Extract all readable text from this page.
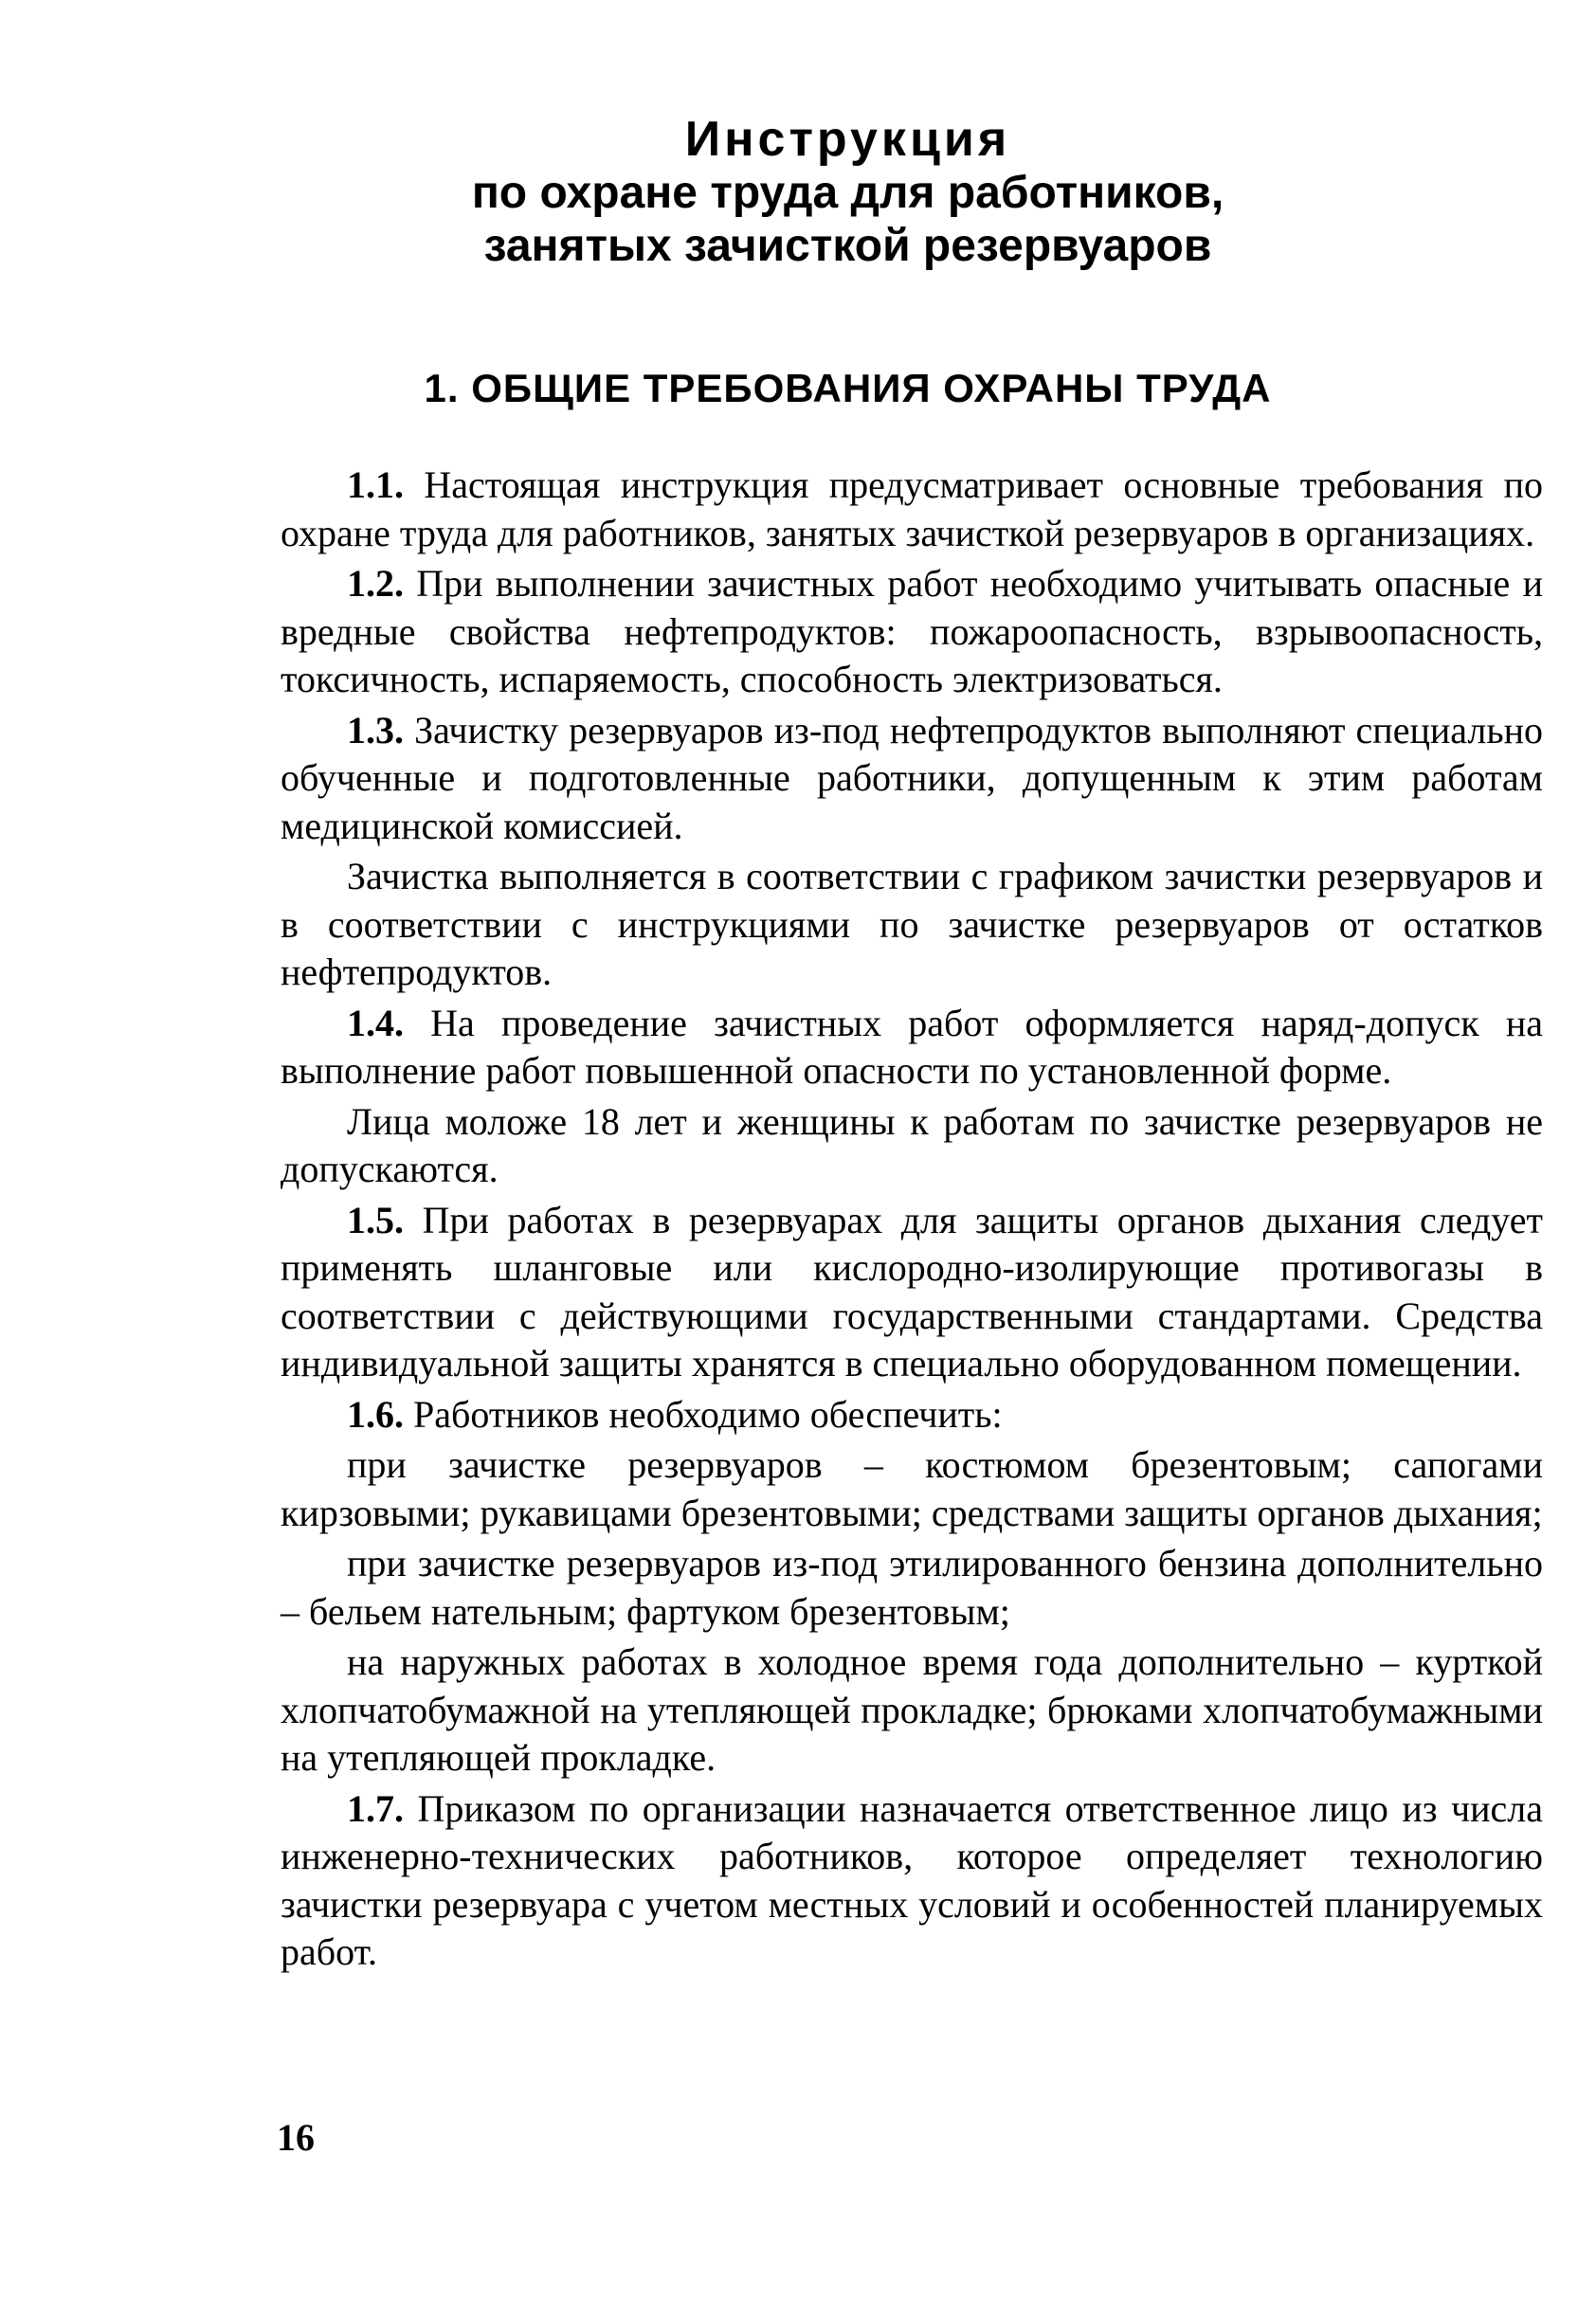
Инструкция
по охране труда для работников,
занятых зачисткой резервуаров
1. ОБЩИЕ ТРЕБОВАНИЯ ОХРАНЫ ТРУДА

1.1. Настоящая инструкция предусматривает основные требования по охране труда для работников, занятых зачисткой резервуаров в организациях.

1.2. При выполнении зачистных работ необходимо учитывать опасные и вредные свойства нефтепродуктов: пожароопасность, взрывоопасность, токсичность, испаряемость, способность электризоваться.

1.3. Зачистку резервуаров из-под нефтепродуктов выполняют специально обученные и подготовленные работники, допущенным к этим работам медицинской комиссией.

Зачистка выполняется в соответствии с графиком зачистки резервуаров и в соответствии с инструкциями по зачистке резервуаров от остатков нефтепродуктов.

1.4. На проведение зачистных работ оформляется наряд-допуск на выполнение работ повышенной опасности по установленной форме.

Лица моложе 18 лет и женщины к работам по зачистке резервуаров не допускаются.

1.5. При работах в резервуарах для защиты органов дыхания следует применять шланговые или кислородно-изолирующие противогазы в соответствии с действующими государственными стандартами. Средства индивидуальной защиты хранятся в специально оборудованном помещении.

1.6. Работников необходимо обеспечить:

при зачистке резервуаров – костюмом брезентовым; сапогами кирзовыми; рукавицами брезентовыми; средствами защиты органов дыхания;

при зачистке резервуаров из-под этилированного бензина дополнительно – бельем нательным; фартуком брезентовым;

на наружных работах в холодное время года дополнительно – курткой хлопчатобумажной на утепляющей прокладке; брюками хлопчатобумажными на утепляющей прокладке.

1.7. Приказом по организации назначается ответственное лицо из числа инженерно-технических работников, которое определяет технологию зачистки резервуара с учетом местных условий и особенностей планируемых работ.

16
